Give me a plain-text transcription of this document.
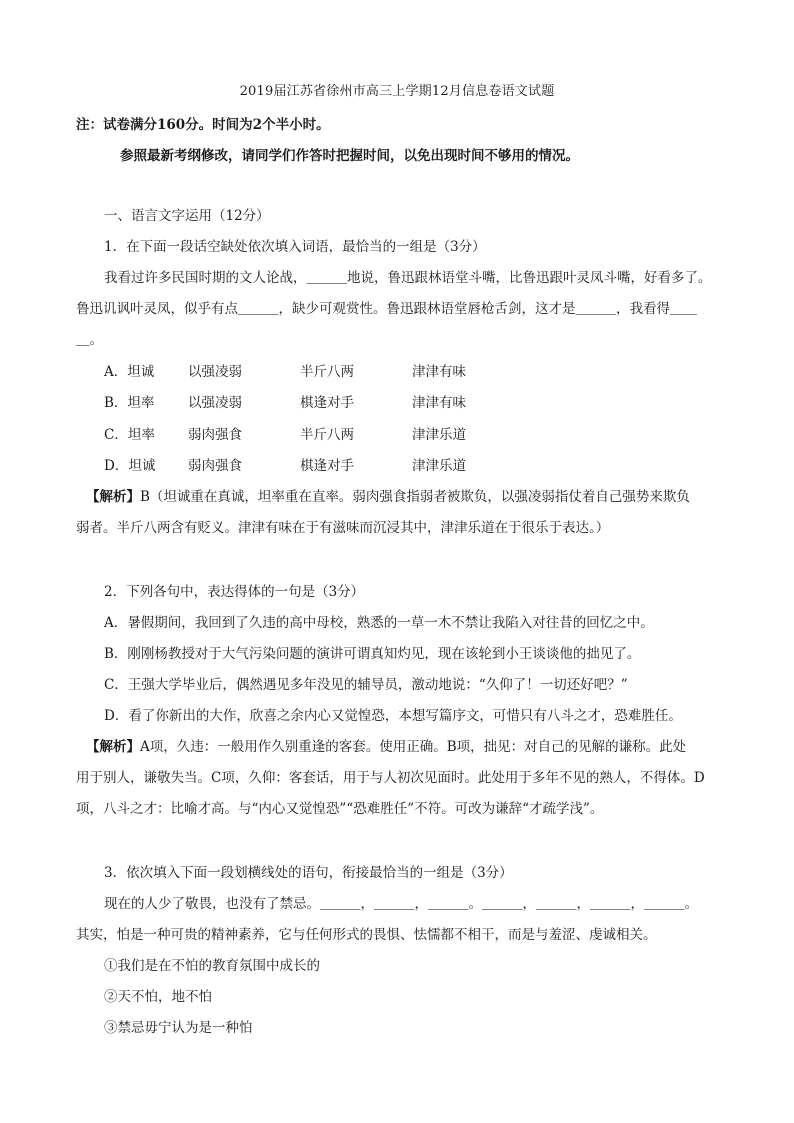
2019届江苏省徐州市高三上学期12月信息卷语文试题
注：试卷满分160分。时间为2个半小时。
参照最新考纲修改，请同学们作答时把握时间，以免出现时间不够用的情况。
一、语言文字运用（12分）
1．在下面一段话空缺处依次填入词语，最恰当的一组是（3分）
我看过许多民国时期的文人论战，＿＿＿地说，鲁迅跟林语堂斗嘴，比鲁迅跟叶灵凤斗嘴，好看多了。
鲁迅讥讽叶灵凤，似乎有点＿＿＿，缺少可观赏性。鲁迅跟林语堂唇枪舌剑，这才是＿＿＿，我看得＿＿
＿。
A．坦诚	以强凌弱	半斤八两	津津有味
B．坦率 以强凌弱	棋逢对手	津津有味
C．坦率 弱肉强食	半斤八两	津津乐道
D．坦诚 弱肉强食	棋逢对手	津津乐道
【解析】B（坦诚重在真诚，坦率重在直率。弱肉强食指弱者被欺负，以强凌弱指仗着自己强势来欺负
弱者。半斤八两含有贬义。津津有味在于有滋味而沉浸其中，津津乐道在于很乐于表达。）
2．下列各句中，表达得体的一句是（3分）
A．暑假期间，我回到了久违的高中母校，熟悉的一草一木不禁让我陷入对往昔的回忆之中。
B．刚刚杨教授对于大气污染问题的演讲可谓真知灼见，现在该轮到小王谈谈他的拙见了。
C．王强大学毕业后，偶然遇见多年没见的辅导员，激动地说：“久仰了！一切还好吧？”
D．看了你新出的大作，欣喜之余内心又觉惶恐，本想写篇序文，可惜只有八斗之才，恐难胜任。
【解析】A项，久违：一般用作久别重逢的客套。使用正确。B项，拙见：对自己的见解的谦称。此处
用于别人，谦敬失当。C项，久仰：客套话，用于与人初次见面时。此处用于多年不见的熟人，不得体。D
项，八斗之才：比喻才高。与“内心又觉惶恐”“恐难胜任”不符。可改为谦辞“才疏学浅”。
3．依次填入下面一段划横线处的语句，衔接最恰当的一组是（3分）
现在的人少了敬畏，也没有了禁忌。＿＿＿，＿＿＿，＿＿＿。＿＿＿，＿＿＿，＿＿＿，＿＿＿。
其实，怕是一种可贵的精神素养，它与任何形式的畏惧、怯懦都不相干，而是与羞涩、虔诚相关。
①我们是在不怕的教育氛围中成长的
②天不怕，地不怕
③禁忌毋宁认为是一种怕
